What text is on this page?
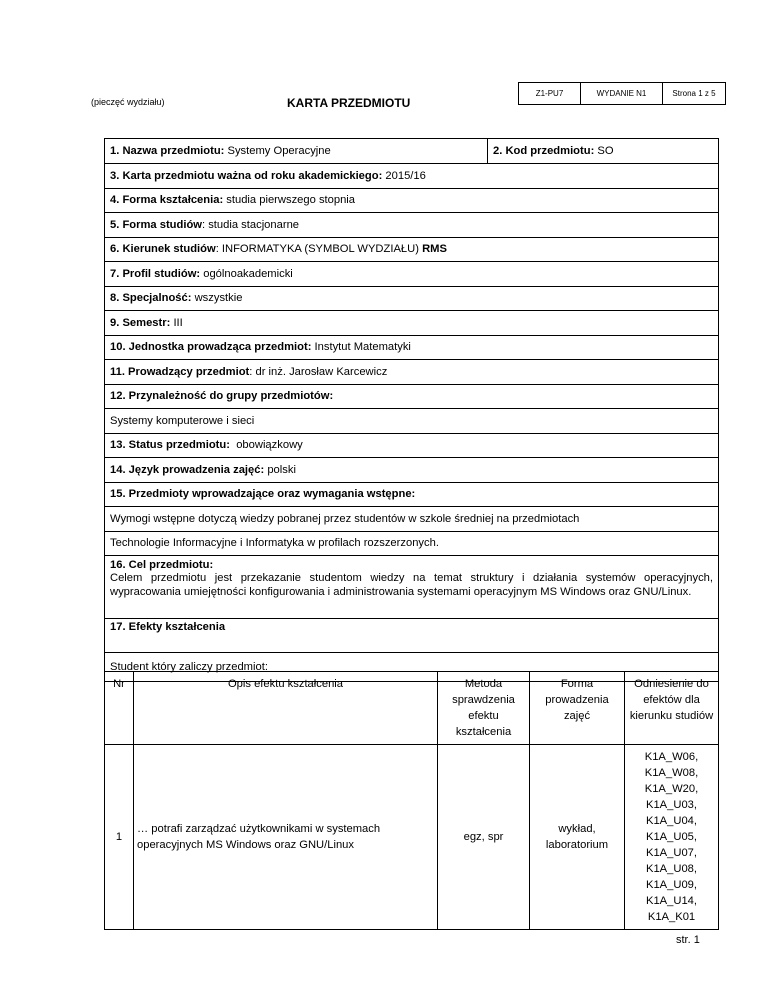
Z1-PU7	WYDANIE N1	Strona 1 z 5
(pieczęć wydziału)	KARTA PRZEDMIOTU
1. Nazwa przedmiotu: Systemy Operacyjne	2. Kod przedmiotu: SO
3. Karta przedmiotu ważna od roku akademickiego: 2015/16
4. Forma kształcenia: studia pierwszego stopnia
5. Forma studiów: studia stacjonarne
6. Kierunek studiów: INFORMATYKA (SYMBOL WYDZIAŁU) RMS
7. Profil studiów: ogólnoakademicki
8. Specjalność: wszystkie
9. Semestr: III
10. Jednostka prowadząca przedmiot: Instytut Matematyki
11. Prowadzący przedmiot: dr inż. Jarosław Karcewicz
12. Przynależność do grupy przedmiotów:
Systemy komputerowe i sieci
13. Status przedmiotu: obowiązkowy
14. Język prowadzenia zajęć: polski
15. Przedmioty wprowadzające oraz wymagania wstępne:
Wymogi wstępne dotyczą wiedzy pobranej przez studentów w szkole średniej na przedmiotach
Technologie Informacyjne i Informatyka w profilach rozszerzonych.

16. Cel przedmiotu:
Celem przedmiotu jest przekazanie studentom wiedzy na temat struktury i działania systemów operacyjnych, wypracowania umiejętności konfigurowania i administrowania systemami operacyjnym MS Windows oraz GNU/Linux.

17. Efekty kształcenia
Student który zaliczy przedmiot:
Nr	Opis efektu kształcenia	Metoda sprawdzenia efektu kształcenia	Forma prowadzenia zajęć	Odniesienie do efektów dla kierunku studiów
1	… potrafi zarządzać użytkownikami w systemach operacyjnych MS Windows oraz GNU/Linux	egz, spr	wykład, laboratorium	K1A_W06, K1A_W08, K1A_W20, K1A_U03, K1A_U04, K1A_U05, K1A_U07, K1A_U08, K1A_U09, K1A_U14, K1A_K01
str. 1
